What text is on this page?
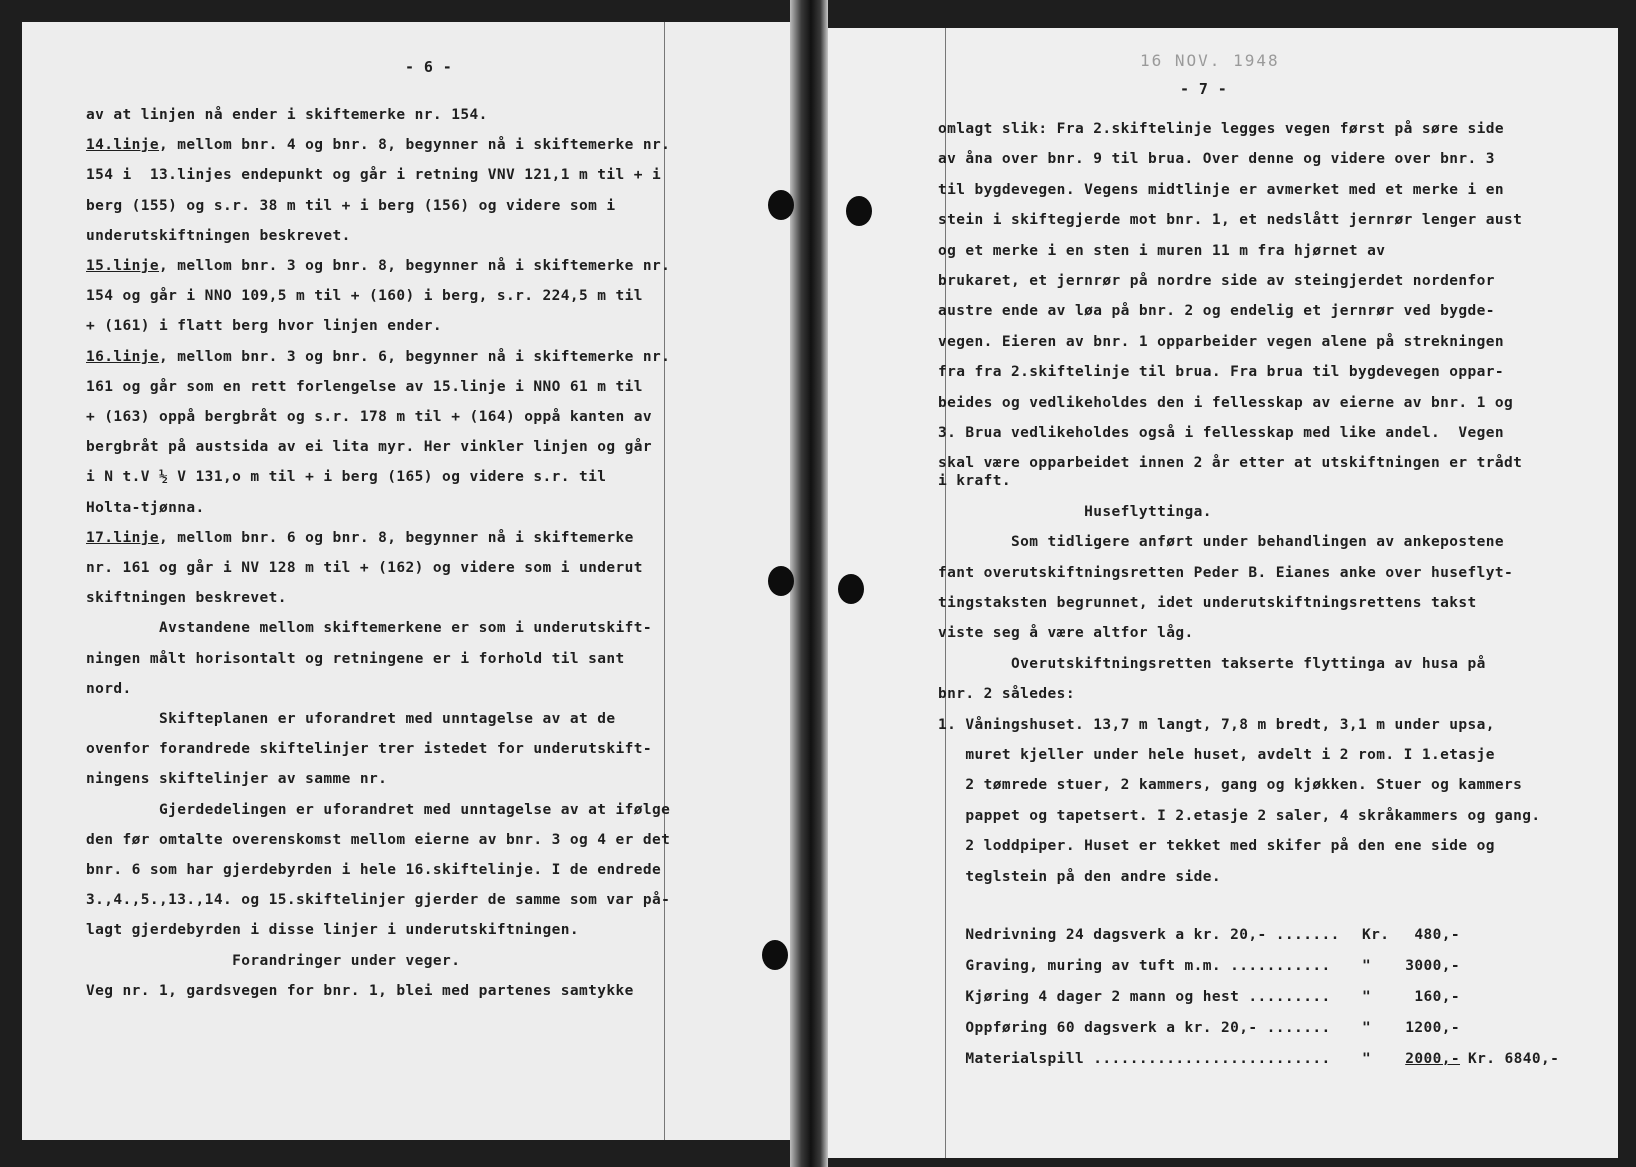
av at linjen nå ender i skiftemerke nr. 154.
14.linje, mellom bnr. 4 og bnr. 8, begynner nå i skiftemerke nr.
154 i  13.linjes endepunkt og går i retning VNV 121,1 m til + i
berg (155) og s.r. 38 m til + i berg (156) og videre som i
underutskiftningen beskrevet.
15.linje, mellom bnr. 3 og bnr. 8, begynner nå i skiftemerke nr.
154 og går i NNO 109,5 m til + (160) i berg, s.r. 224,5 m til
+ (161) i flatt berg hvor linjen ender.
16.linje, mellom bnr. 3 og bnr. 6, begynner nå i skiftemerke nr.
161 og går som en rett forlengelse av 15.linje i NNO 61 m til
+ (163) oppå bergbråt og s.r. 178 m til + (164) oppå kanten av
bergbråt på austsida av ei lita myr. Her vinkler linjen og går
i N t.V ½ V 131,o m til + i berg (165) og videre s.r. til
Holta-tjønna.
17.linje, mellom bnr. 6 og bnr. 8, begynner nå i skiftemerke
nr. 161 og går i NV 128 m til + (162) og videre som i underut
skiftningen beskrevet.
Avstandene mellom skiftemerkene er som i underutskift-
ningen målt horisontalt og retningene er i forhold til sant
nord.
Skifteplanen er uforandret med unntagelse av at de
ovenfor forandrede skiftelinjer trer istedet for underutskift-
ningens skiftelinjer av samme nr.
Gjerdedelingen er uforandret med unntagelse av at ifølge
den før omtalte overenskomst mellom eierne av bnr. 3 og 4 er det
bnr. 6 som har gjerdebyrden i hele 16.skiftelinje. I de endrede
3.,4.,5.,13.,14. og 15.skiftelinjer gjerder de samme som var på-
lagt gjerdebyrden i disse linjer i underutskiftningen.
Forandringer under veger.
Veg nr. 1, gardsvegen for bnr. 1, blei med partenes samtykke
omlagt slik: Fra 2.skiftelinje legges vegen først på søre side
av åna over bnr. 9 til brua. Over denne og videre over bnr. 3
til bygdevegen. Vegens midtlinje er avmerket med et merke i en
stein i skiftegjerde mot bnr. 1, et nedslått jernrør lenger aust
og et merke i en sten i muren 11 m fra hjørnet av
brukaret, et jernrør på nordre side av steingjerdet nordenfor
austre ende av løa på bnr. 2 og endelig et jernrør ved bygde-
vegen. Eieren av bnr. 1 opparbeider vegen alene på strekningen
fra fra 2.skiftelinje til brua. Fra brua til bygdevegen oppar-
beides og vedlikeholdes den i fellesskap av eierne av bnr. 1 og
3. Brua vedlikeholdes også i fellesskap med like andel.  Vegen
skal være opparbeidet innen 2 år etter at utskiftningen er trådt
i kraft.
Huseflyttinga.
Som tidligere anført under behandlingen av ankepostene
fant overutskiftningsretten Peder B. Eianes anke over huseflyt-
tingstaksten begrunnet, idet underutskiftningsrettens takst
viste seg å være altfor låg.
Overutskiftningsretten takserte flyttinga av husa på
bnr. 2 således:
1. Våningshuset. 13,7 m langt, 7,8 m bredt, 3,1 m under upsa,
muret kjeller under hele huset, avdelt i 2 rom. I 1.etasje
2 tømrede stuer, 2 kammers, gang og kjøkken. Stuer og kammers
pappet og tapetsert. I 2.etasje 2 saler, 4 skråkammers og gang.
2 loddpiper. Huset er tekket med skifer på den ene side og
teglstein på den andre side.
Nedrivning 24 dagsverk a kr. 20,- ....... Kr.	480,-
Graving, muring av tuft m.m. ........... "	3000,-
Kjøring 4 dager 2 mann og hest ......... "	160,-
Oppføring 60 dagsverk a kr. 20,- ....... "	1200,-
Materialspill .......................... "	2000,- Kr. 6840,-
- 6 -	16 NOV. 1948
- 7 -
